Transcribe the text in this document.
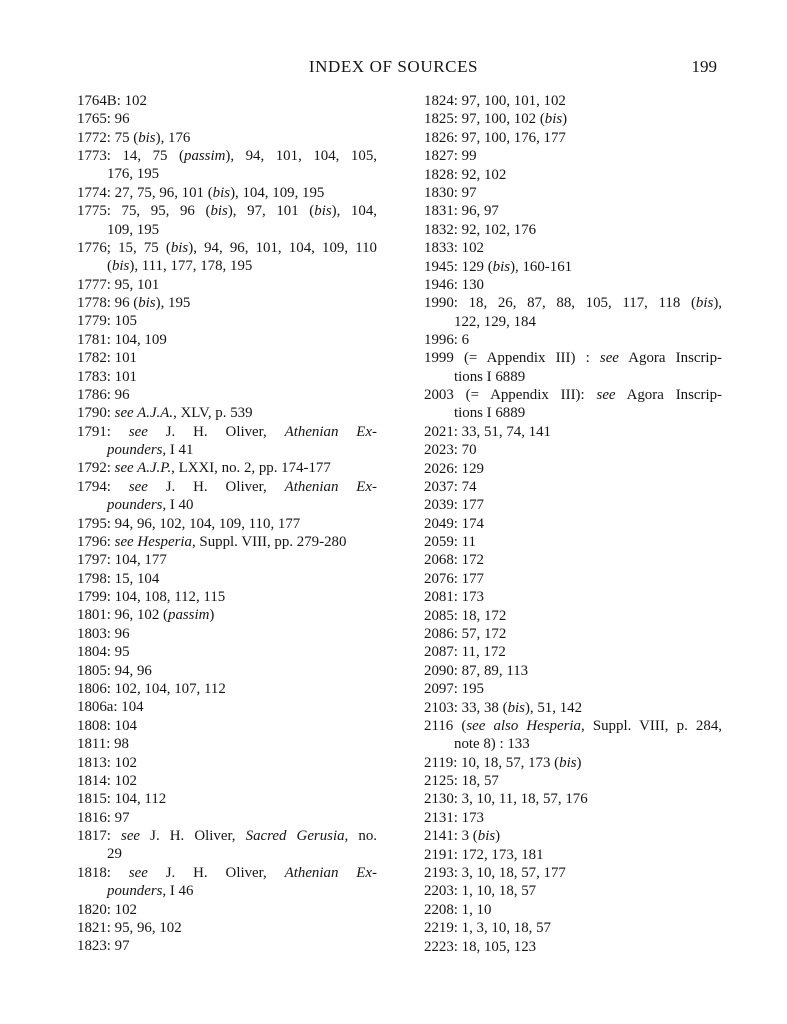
INDEX OF SOURCES	199
1764B: 102
1765: 96
1772: 75 (bis), 176
1773: 14, 75 (passim), 94, 101, 104, 105,
176, 195
1774: 27, 75, 96, 101 (bis), 104, 109, 195
1775: 75, 95, 96 (bis), 97, 101 (bis), 104,
109, 195
1776; 15, 75 (bis), 94, 96, 101, 104, 109, 110
(bis), 111, 177, 178, 195
1777: 95, 101
1778: 96 (bis), 195
1779: 105
1781: 104, 109
1782: 101
1783: 101
1786: 96
1790: see A.J.A., XLV, p. 539
1791: see J. H. Oliver, Athenian Ex-
pounders, I 41
1792: see A.J.P., LXXI, no. 2, pp. 174-177
1794: see J. H. Oliver, Athenian Ex-
pounders, I 40
1795: 94, 96, 102, 104, 109, 110, 177
1796: see Hesperia, Suppl. VIII, pp. 279-280
1797: 104, 177
1798: 15, 104
1799: 104, 108, 112, 115
1801: 96, 102 (passim)
1803: 96
1804: 95
1805: 94, 96
1806: 102, 104, 107, 112
1806a: 104
1808: 104
1811: 98
1813: 102
1814: 102
1815: 104, 112
1816: 97
1817: see J. H. Oliver, Sacred Gerusia, no.
29
1818: see J. H. Oliver, Athenian Ex-
pounders, I 46
1820: 102
1821: 95, 96, 102
1823: 97
1824: 97, 100, 101, 102
1825: 97, 100, 102 (bis)
1826: 97, 100, 176, 177
1827: 99
1828: 92, 102
1830: 97
1831: 96, 97
1832: 92, 102, 176
1833: 102
1945: 129 (bis), 160-161
1946: 130
1990: 18, 26, 87, 88, 105, 117, 118 (bis),
122, 129, 184
1996: 6
1999 (= Appendix III) : see Agora Inscrip-
tions I 6889
2003 (= Appendix III): see Agora Inscrip-
tions I 6889
2021: 33, 51, 74, 141
2023: 70
2026: 129
2037: 74
2039: 177
2049: 174
2059: 11
2068: 172
2076: 177
2081: 173
2085: 18, 172
2086: 57, 172
2087: 11, 172
2090: 87, 89, 113
2097: 195
2103: 33, 38 (bis), 51, 142
2116 (see also Hesperia, Suppl. VIII, p. 284,
note 8) : 133
2119: 10, 18, 57, 173 (bis)
2125: 18, 57
2130: 3, 10, 11, 18, 57, 176
2131: 173
2141: 3 (bis)
2191: 172, 173, 181
2193: 3, 10, 18, 57, 177
2203: 1, 10, 18, 57
2208: 1, 10
2219: 1, 3, 10, 18, 57
2223: 18, 105, 123
